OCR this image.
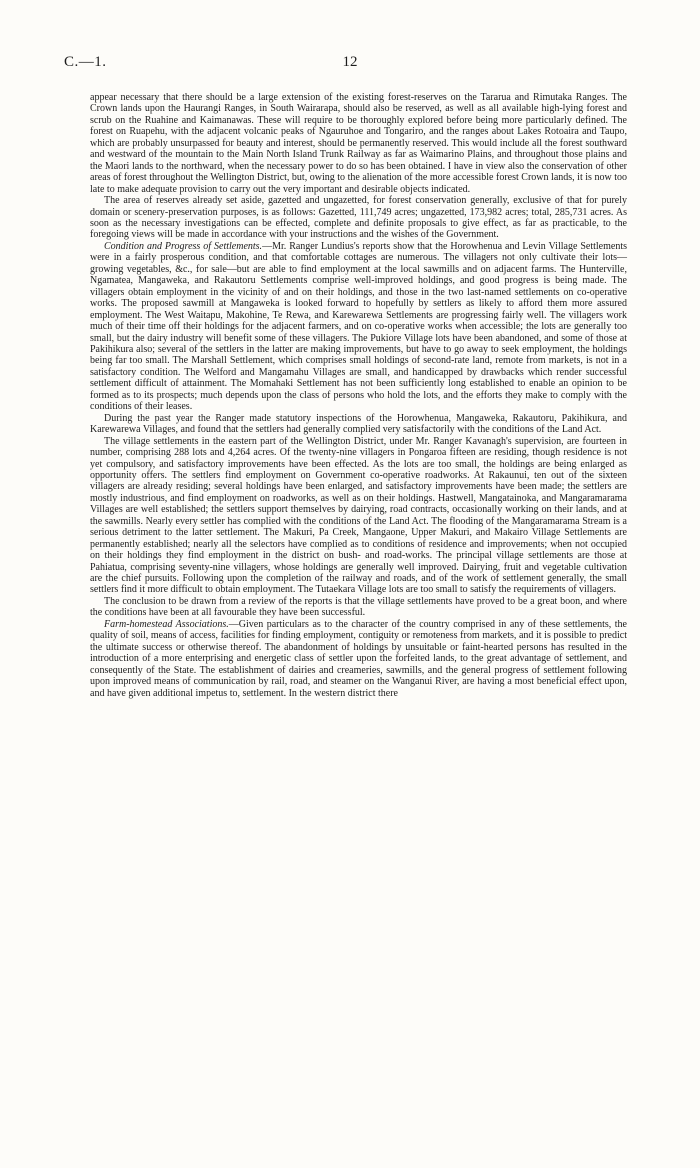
C.—1.	12

appear necessary that there should be a large extension of the existing forest-reserves on the Tararua and Rimutaka Ranges. The Crown lands upon the Haurangi Ranges, in South Wairarapa, should also be reserved, as well as all available high-lying forest and scrub on the Ruahine and Kaimanawas. These will require to be thoroughly explored before being more particularly defined. The forest on Ruapehu, with the adjacent volcanic peaks of Ngauruhoe and Tongariro, and the ranges about Lakes Rotoaira and Taupo, which are probably unsurpassed for beauty and interest, should be permanently reserved. This would include all the forest southward and westward of the mountain to the Main North Island Trunk Railway as far as Waimarino Plains, and throughout those plains and the Maori lands to the northward, when the necessary power to do so has been obtained. I have in view also the conservation of other areas of forest throughout the Wellington District, but, owing to the alienation of the more accessible forest Crown lands, it is now too late to make adequate provision to carry out the very important and desirable objects indicated.

The area of reserves already set aside, gazetted and ungazetted, for forest conservation generally, exclusive of that for purely domain or scenery-preservation purposes, is as follows: Gazetted, 111,749 acres; ungazetted, 173,982 acres; total, 285,731 acres. As soon as the necessary investigations can be effected, complete and definite proposals to give effect, as far as practicable, to the foregoing views will be made in accordance with your instructions and the wishes of the Government.

Condition and Progress of Settlements.—Mr. Ranger Lundius's reports show that the Horowhenua and Levin Village Settlements were in a fairly prosperous condition, and that comfortable cottages are numerous. The villagers not only cultivate their lots—growing vegetables, &c., for sale—but are able to find employment at the local sawmills and on adjacent farms. The Hunterville, Ngamatea, Mangaweka, and Rakautoru Settlements comprise well-improved holdings, and good progress is being made. The villagers obtain employment in the vicinity of and on their holdings, and those in the two last-named settlements on co-operative works. The proposed sawmill at Mangaweka is looked forward to hopefully by settlers as likely to afford them more assured employment. The West Waitapu, Makohine, Te Rewa, and Karewarewa Settlements are progressing fairly well. The villagers work much of their time off their holdings for the adjacent farmers, and on co-operative works when accessible; the lots are generally too small, but the dairy industry will benefit some of these villagers. The Pukiore Village lots have been abandoned, and some of those at Pakihikura also; several of the settlers in the latter are making improvements, but have to go away to seek employment, the holdings being far too small. The Marshall Settlement, which comprises small holdings of second-rate land, remote from markets, is not in a satisfactory condition. The Welford and Mangamahu Villages are small, and handicapped by drawbacks which render successful settlement difficult of attainment. The Momahaki Settlement has not been sufficiently long established to enable an opinion to be formed as to its prospects; much depends upon the class of persons who hold the lots, and the efforts they make to comply with the conditions of their leases.

During the past year the Ranger made statutory inspections of the Horowhenua, Mangaweka, Rakautoru, Pakihikura, and Karewarewa Villages, and found that the settlers had generally complied very satisfactorily with the conditions of the Land Act.

The village settlements in the eastern part of the Wellington District, under Mr. Ranger Kavanagh's supervision, are fourteen in number, comprising 288 lots and 4,264 acres. Of the twenty-nine villagers in Pongaroa fifteen are residing, though residence is not yet compulsory, and satisfactory improvements have been effected. As the lots are too small, the holdings are being enlarged as opportunity offers. The settlers find employment on Government co-operative roadworks. At Rakaunui, ten out of the sixteen villagers are already residing; several holdings have been enlarged, and satisfactory improvements have been made; the settlers are mostly industrious, and find employment on roadworks, as well as on their holdings. Hastwell, Mangatainoka, and Mangaramarama Villages are well established; the settlers support themselves by dairying, road contracts, occasionally working on their lands, and at the sawmills. Nearly every settler has complied with the conditions of the Land Act. The flooding of the Mangaramarama Stream is a serious detriment to the latter settlement. The Makuri, Pa Creek, Mangaone, Upper Makuri, and Makairo Village Settlements are permanently established; nearly all the selectors have complied as to conditions of residence and improvements; when not occupied on their holdings they find employment in the district on bush- and road-works. The principal village settlements are those at Pahiatua, comprising seventy-nine villagers, whose holdings are generally well improved. Dairying, fruit and vegetable cultivation are the chief pursuits. Following upon the completion of the railway and roads, and of the work of settlement generally, the small settlers find it more difficult to obtain employment. The Tutaekara Village lots are too small to satisfy the requirements of villagers.

The conclusion to be drawn from a review of the reports is that the village settlements have proved to be a great boon, and where the conditions have been at all favourable they have been successful.

Farm-homestead Associations.—Given particulars as to the character of the country comprised in any of these settlements, the quality of soil, means of access, facilities for finding employment, contiguity or remoteness from markets, and it is possible to predict the ultimate success or otherwise thereof. The abandonment of holdings by unsuitable or faint-hearted persons has resulted in the introduction of a more enterprising and energetic class of settler upon the forfeited lands, to the great advantage of settlement, and consequently of the State. The establishment of dairies and creameries, sawmills, and the general progress of settlement following upon improved means of communication by rail, road, and steamer on the Wanganui River, are having a most beneficial effect upon, and have given additional impetus to, settlement. In the western district there
